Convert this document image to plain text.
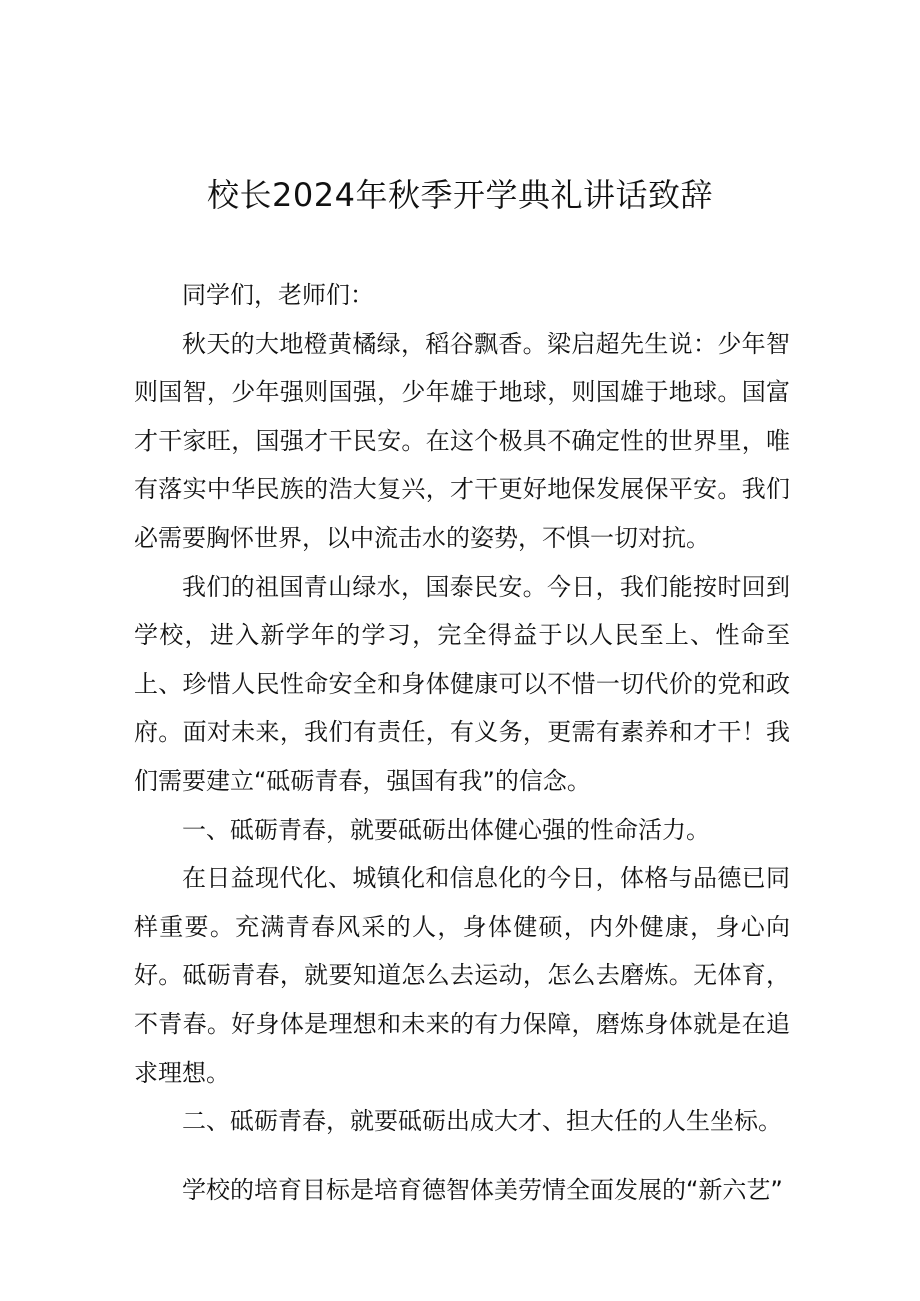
校长2024年秋季开学典礼讲话致辞

同学们，老师们：

秋天的大地橙黄橘绿，稻谷飘香。梁启超先生说：少年智则国智，少年强则国强，少年雄于地球，则国雄于地球。国富才干家旺，国强才干民安。在这个极具不确定性的世界里，唯有落实中华民族的浩大复兴，才干更好地保发展保平安。我们必需要胸怀世界，以中流击水的姿势，不惧一切对抗。

我们的祖国青山绿水，国泰民安。今日，我们能按时回到学校，进入新学年的学习，完全得益于以人民至上、性命至上、珍惜人民性命安全和身体健康可以不惜一切代价的党和政府。面对未来，我们有责任，有义务，更需有素养和才干！我们需要建立“砥砺青春，强国有我”的信念。

一、砥砺青春，就要砥砺出体健心强的性命活力。

在日益现代化、城镇化和信息化的今日，体格与品德已同样重要。充满青春风采的人，身体健硕，内外健康，身心向好。砥砺青春，就要知道怎么去运动，怎么去磨炼。无体育，不青春。好身体是理想和未来的有力保障，磨炼身体就是在追求理想。

二、砥砺青春，就要砥砺出成大才、担大任的人生坐标。

学校的培育目标是培育德智体美劳情全面发展的“新六艺”
